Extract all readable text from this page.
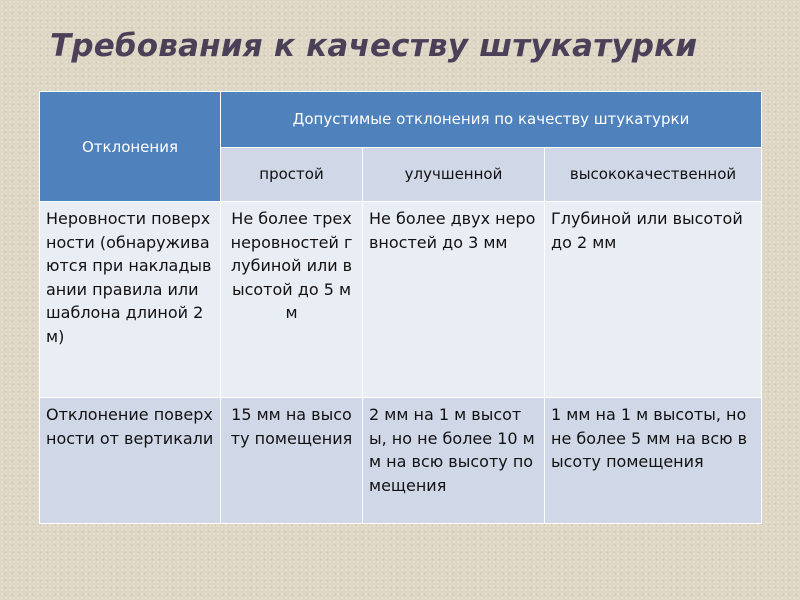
Требования к качеству штукатурки
Отклонения	Допустимые отклонения по качеству штукатурки		
	простой	улучшенной	высококачественной
Неровности поверхности (обнаруживаются при накладывании правила или шаблона длиной 2 м)	Не более трех неровностей глубиной или высотой до 5 мм	Не более двух неровностей до 3 мм	Глубиной или высотой до 2 мм
Отклонение поверхности от вертикали	15 мм на высоту помещения	2 мм на 1 м высоты, но не более 10 мм на всю высоту помещения	1 мм на 1 м высоты, но не более 5 мм на всю высоту помещения
